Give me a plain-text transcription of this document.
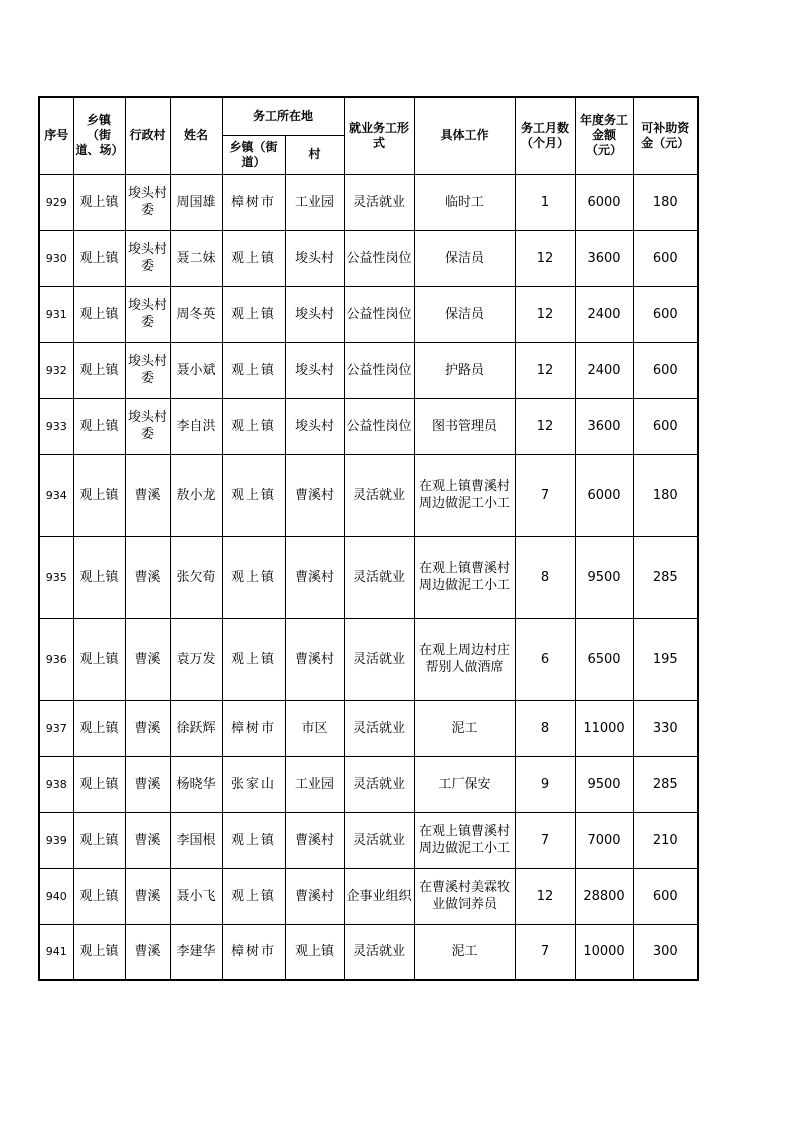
序号	乡镇（街道、场）	行政村	姓名	务工所在地		就业务工形式	具体工作	务工月数（个月）	年度务工金额（元）	可补助资金（元）
				乡镇（街道）	村					
929	观上镇	埈头村委	周国雄	樟树市	工业园	灵活就业	临时工	1	6000	180
930	观上镇	埈头村委	聂二妹	观上镇	埈头村	公益性岗位	保洁员	12	3600	600
931	观上镇	埈头村委	周冬英	观上镇	埈头村	公益性岗位	保洁员	12	2400	600
932	观上镇	埈头村委	聂小斌	观上镇	埈头村	公益性岗位	护路员	12	2400	600
933	观上镇	埈头村委	李自洪	观上镇	埈头村	公益性岗位	图书管理员	12	3600	600
934	观上镇	曹溪	敖小龙	观上镇	曹溪村	灵活就业	在观上镇曹溪村周边做泥工小工	7	6000	180
935	观上镇	曹溪	张欠荀	观上镇	曹溪村	灵活就业	在观上镇曹溪村周边做泥工小工	8	9500	285
936	观上镇	曹溪	袁万发	观上镇	曹溪村	灵活就业	在观上周边村庄帮别人做酒席	6	6500	195
937	观上镇	曹溪	徐跃辉	樟树市	市区	灵活就业	泥工	8	11000	330
938	观上镇	曹溪	杨晓华	张家山	工业园	灵活就业	工厂保安	9	9500	285
939	观上镇	曹溪	李国根	观上镇	曹溪村	灵活就业	在观上镇曹溪村周边做泥工小工	7	7000	210
940	观上镇	曹溪	聂小飞	观上镇	曹溪村	企事业组织	在曹溪村美霖牧业做饲养员	12	28800	600
941	观上镇	曹溪	李建华	樟树市	观上镇	灵活就业	泥工	7	10000	300
